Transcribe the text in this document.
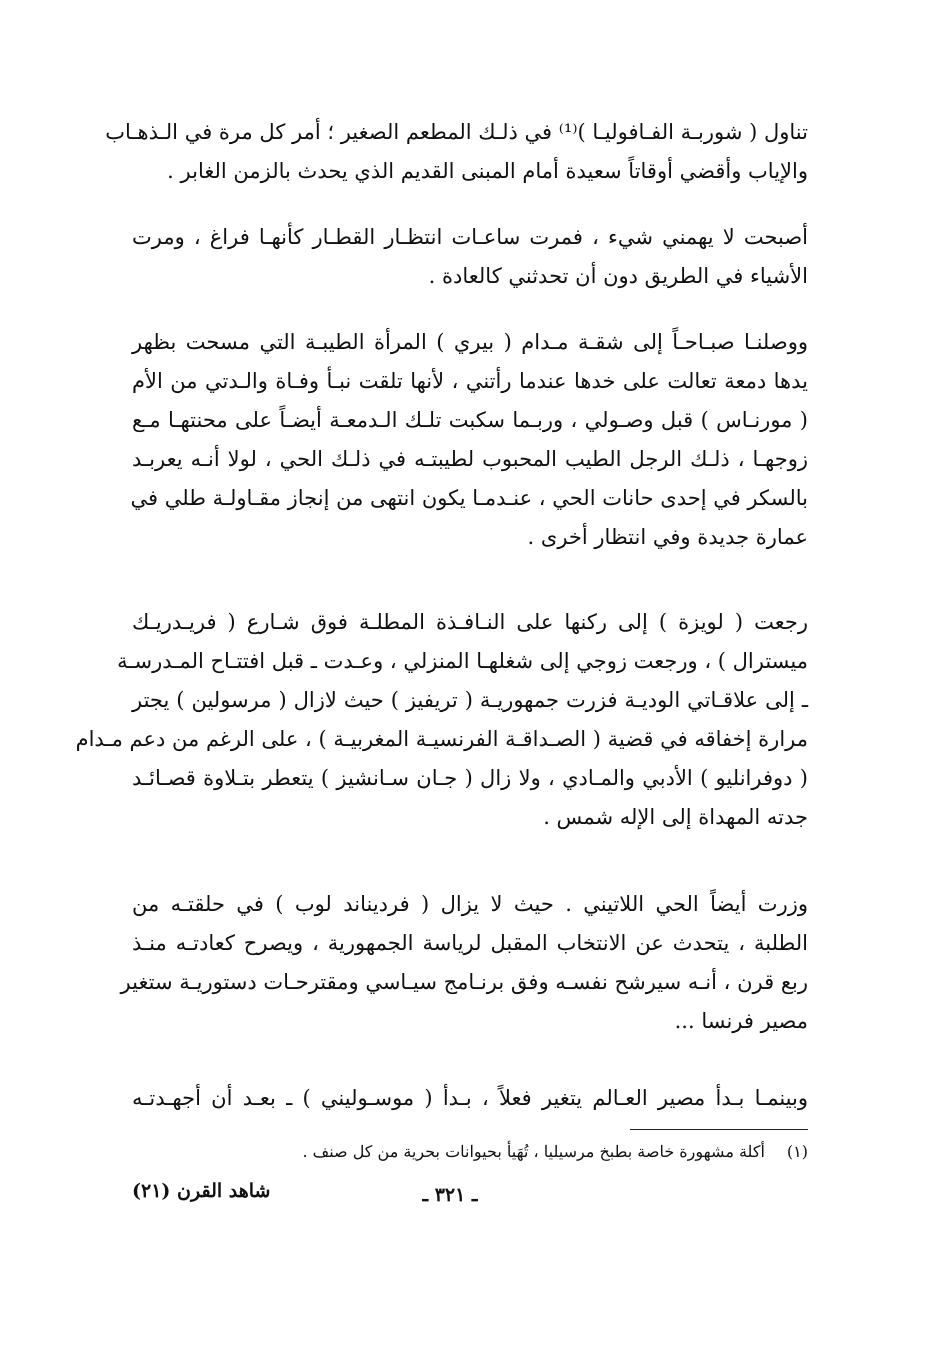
تناول ( شوربـة الفـافوليـا )⁽¹⁾ في ذلـك المطعم الصغير ؛ أمر كل مرة في الـذهـاب
والإياب وأقضي أوقاتاً سعيدة أمام المبنى القديم الذي يحدث بالزمن الغابر .
أصبحت لا يهمني شيء ، فمرت ساعـات انتظـار القطـار كأنهـا فراغ ، ومرت
الأشياء في الطريق دون أن تحدثني كالعادة .
ووصلنـا صبـاحـاً إلى شقـة مـدام ( بيري ) المرأة الطيبـة التي مسحت بظهر
يدها دمعة تعالت على خدها عندما رأتني ، لأنها تلقت نبـأ وفـاة والـدتي من الأم
( مورنـاس ) قبل وصـولي ، وربـما سكبت تلـك الـدمعـة أيضـاً على محنتهـا مـع
زوجهـا ، ذلـك الرجل الطيب المحبوب لطيبتـه في ذلـك الحي ، لولا أنـه يعربـد
بالسكر في إحدى حانات الحي ، عنـدمـا يكون انتهى من إنجاز مقـاولـة طلي في
عمارة جديدة وفي انتظار أخرى .
رجعت ( لويزة ) إلى ركنها على النـافـذة المطلـة فوق شـارع ( فريـدريـك
ميسترال ) ، ورجعت زوجي إلى شغلهـا المنزلي ، وعـدت ـ قبل افتتـاح المـدرسـة
ـ إلى علاقـاتي الوديـة فزرت جمهوريـة ( تريفيز ) حيث لازال ( مرسولين ) يجتر
مرارة إخفاقه في قضية ( الصـداقـة الفرنسيـة المغربيـة ) ، على الرغم من دعم مـدام
( دوفرانليو ) الأدبي والمـادي ، ولا زال ( جـان سـانشيز ) يتعطر بتـلاوة قصـائـد
جدته المهداة إلى الإله شمس .
وزرت أيضاً الحي اللاتيني . حيث لا يزال ( فرديناند لوب ) في حلقتـه من
الطلبة ، يتحدث عن الانتخاب المقبل لرياسة الجمهورية ، ويصرح كعادتـه منـذ
ربع قرن ، أنـه سيرشح نفسـه وفق برنـامج سيـاسي ومقترحـات دستوريـة ستغير
مصير فرنسا ...
وبينمـا بـدأ مصير العـالم يتغير فعلاً ، بـدأ ( موسـوليني ) ـ بعـد أن أجهـدتـه
(١)أكلة مشهورة خاصة بطبخ مرسيليا ، تُهَيأ بحيوانات بحرية من كل صنف .
ـ ٣٢١ ـ
شاهد القرن (٢١)
